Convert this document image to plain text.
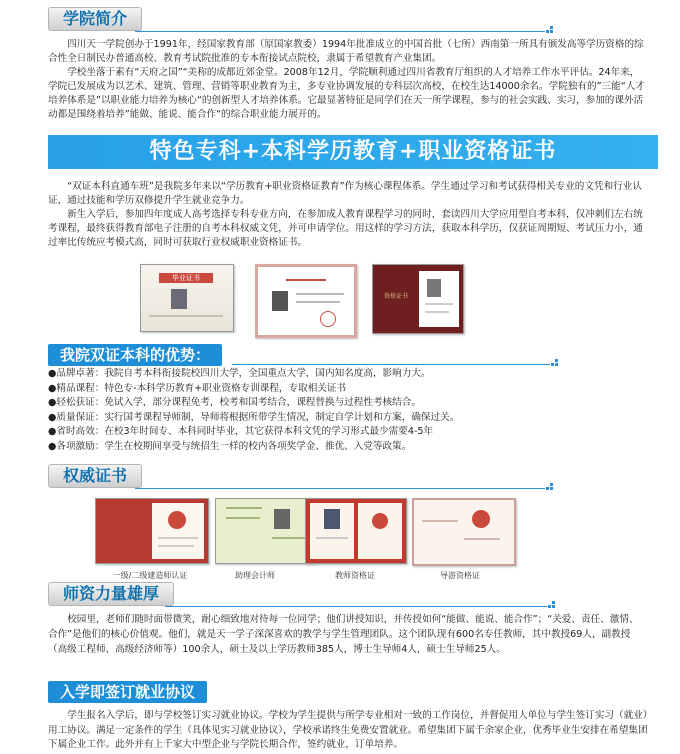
学院简介

四川天一学院创办于1991年，经国家教育部（原国家教委）1994年批准成立的中国首批（七所）西南第一所具有颁发高等学历资格的综合性全日制民办普通高校、教育考试院批准的专本衔接试点院校，隶属于希望教育产业集团。

学校坐落于素有“天府之国”“美称的成都近郊金堂。2008年12月，学院顺利通过四川省教育厅组织的人才培养工作水平评估。24年来，学院已发展成为以艺术、建筑、管理、营销等职业教育为主，多专业协调发展的专科层次高校，在校生达14000余名。学院独有的”三能“人才培养体系是”以职业能力培养为核心“的创新型人才培养体系。它最显著特征是同学们在天一所学课程，参与的社会实践、实习，参加的课外活动都是围绕着培养”能做、能说、能合作“的综合职业能力展开的。

特色专科+本科学历教育+职业资格证书

“双证本科直通车班”是我院多年来以“学历教育+职业资格证教育”作为核心课程体系。学生通过学习和考试获得相关专业的文凭和行业认证，通过技能和学历双修提升学生就业竞争力。

新生入学后，参加四年度成人高考选择专科专业方向，在参加成人教育课程学习的同时，套读四川大学应用型自考本科，仅冲刺们左右统考课程，最终获得教育部电子注册的自考本科权威文凭，并可申请学位。用这样的学习方法，获取本科学历，仅获证周期短、考试压力小，通过率比传统应考模式高，同时可获取行业权威职业资格证书。

毕业证书
资格证书
我院双证本科的优势：
●品牌卓著：我院自考本科衔接院校四川大学，全国重点大学，国内知名度高，影响力大。
●精品课程：特色专-本科学历教育+职业资格专训课程，专取相关证书
●轻松获证：免试入学，部分课程免考，校考和国考结合，课程替换与过程性考核结合。
●质量保证：实行国考课程导师制，导师将根据所带学生情况，制定自学计划和方案，确保过关。
●省时高效：在校3年时间专、本科同时毕业，其它获得本科文凭的学习形式最少需要4-5年
●各项激励：学生在校期间享受与统招生一样的校内各项奖学金、推优、入党等政策。
权威证书
一级/二级建造师认证	助理会计师	教师资格证	导游资格证
师资力量雄厚

校园里，老师们随时面带微笑，耐心细致地对待每一位同学；他们讲授知识，并传授如何“能做、能说、能合作”；“关爱、责任、激情、合作”是他们的核心价值观。他们，就是天一学子深深喜欢的教学与学生管理团队。这个团队现有600名专任教师，其中教授69人，副教授（高级工程师、高级经济师等）100余人，硕士及以上学历教师385人，博士生导师4人，硕士生导师25人。

入学即签订就业协议

学生报名入学后，即与学校签订实习就业协议。学校为学生提供与所学专业相对一致的工作岗位，并督促用人单位与学生签订实习（就业）用工协议。满足一定条件的学生（具体见实习就业协议），学校承诺终生免费安置就业。希望集团下属千余家企业，优秀毕业生安排在希望集团下属企业工作。此外并有上千家大中型企业与学院长期合作，签约就业，订单培养。
